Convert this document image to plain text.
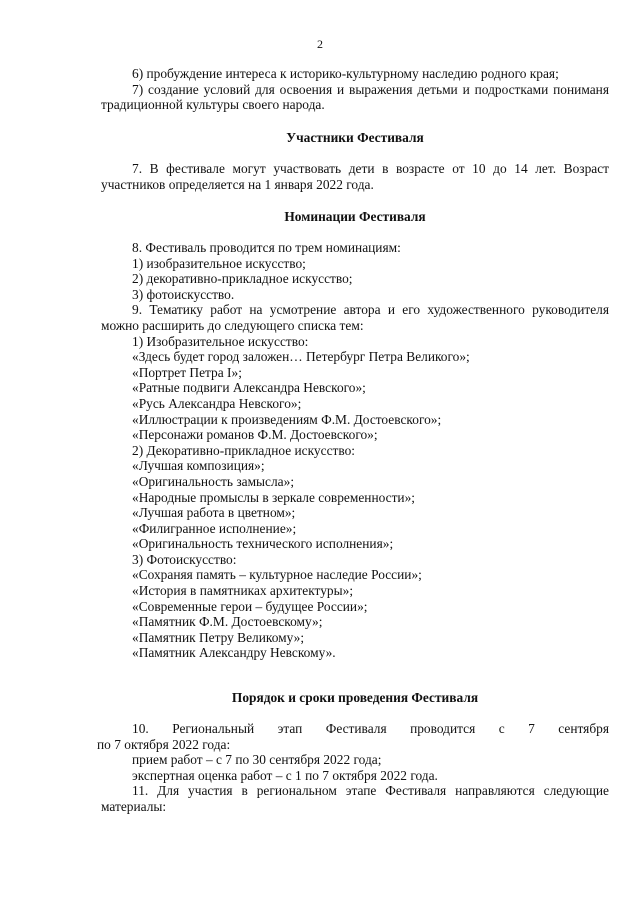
2

6) пробуждение интереса к историко-культурному наследию родного края;

7) создание условий для освоения и выражения детьми и подростками пониманя традиционной культуры своего народа.

Участники Фестиваля

7. В фестивале могут участвовать дети в возрасте от 10 до 14 лет. Возраст участников определяется на 1 января 2022 года.

Номинации Фестиваля

8. Фестиваль проводится по трем номинациям:

1) изобразительное искусство;

2) декоративно-прикладное искусство;

3) фотоискусство.

9. Тематику работ на усмотрение автора и его художественного руководителя можно расширить до следующего списка тем:

1) Изобразительное искусство:

«Здесь будет город заложен… Петербург Петра Великого»;

«Портрет Петра I»;

«Ратные подвиги Александра Невского»;

«Русь Александра Невского»;

«Иллюстрации к произведениям Ф.М. Достоевского»;

«Персонажи романов Ф.М. Достоевского»;

2) Декоративно-прикладное искусство:

«Лучшая композиция»;

«Оригинальность замысла»;

«Народные промыслы в зеркале современности»;

«Лучшая работа в цветном»;

«Филигранное исполнение»;

«Оригинальность технического исполнения»;

3) Фотоискусство:

«Сохраняя память – культурное наследие России»;

«История в памятниках архитектуры»;

«Современные герои – будущее России»;

«Памятник Ф.М. Достоевскому»;

«Памятник Петру Великому»;

«Памятник Александру Невскому».

Порядок и сроки проведения Фестиваля

10. Региональный этап Фестиваля проводится с 7 сентября

по 7 октября 2022 года:

прием работ – с 7 по 30 сентября 2022 года;

экспертная оценка работ – с 1 по 7 октября 2022 года.

11. Для участия в региональном этапе Фестиваля направляются следующие материалы:
